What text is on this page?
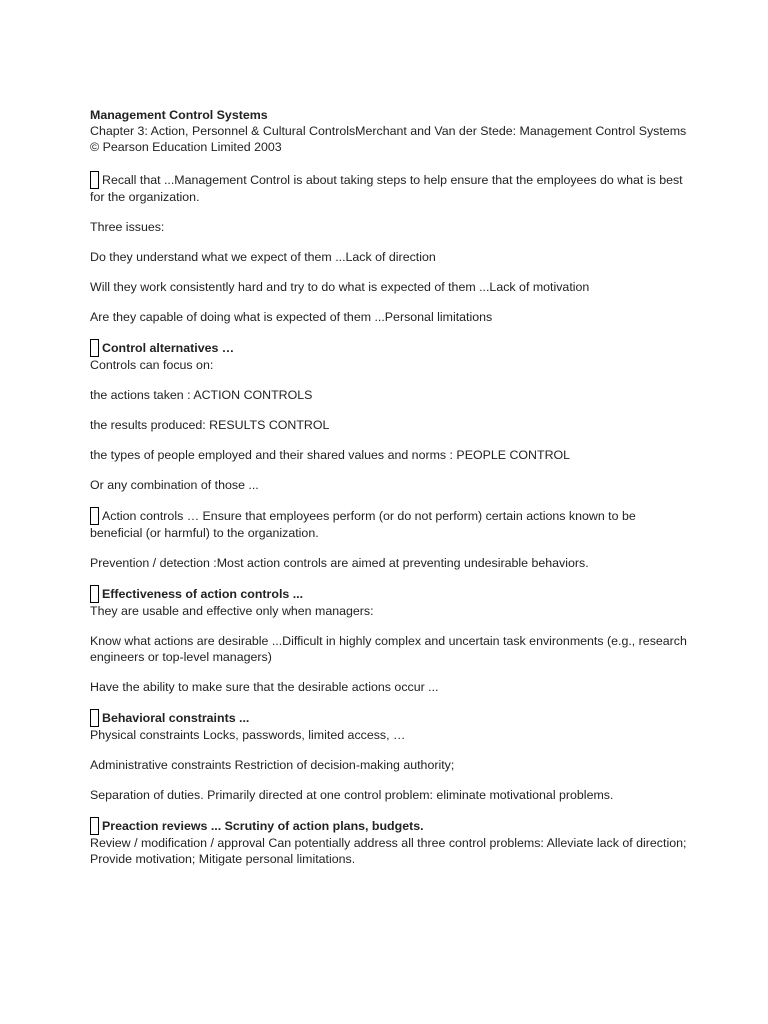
Management Control Systems
Chapter 3: Action, Personnel & Cultural ControlsMerchant and Van der Stede: Management Control Systems © Pearson Education Limited 2003

Recall that ...Management Control is about taking steps to help ensure that the employees do what is best for the organization.

Three issues:

Do they understand what we expect of them ...Lack of direction

Will they work consistently hard and try to do what is expected of them ...Lack of motivation

Are they capable of doing what is expected of them ...Personal limitations

Control alternatives …

Controls can focus on:

the actions taken : ACTION CONTROLS

the results produced: RESULTS CONTROL

the types of people employed and their shared values and norms : PEOPLE CONTROL

Or any combination of those ...

Action controls … Ensure that employees perform (or do not perform) certain actions known to be beneficial (or harmful) to the organization.

Prevention / detection :Most action controls are aimed at preventing undesirable behaviors.

Effectiveness of action controls ...

They are usable and effective only when managers:

Know what actions are desirable ...Difficult in highly complex and uncertain task environments (e.g., research engineers or top-level managers)

Have the ability to make sure that the desirable actions occur ...

Behavioral constraints ...

Physical constraints Locks, passwords, limited access, …

Administrative constraints Restriction of decision-making authority;

Separation of duties. Primarily directed at one control problem: eliminate motivational problems.

Preaction reviews ... Scrutiny of action plans, budgets.

Review / modification / approval Can potentially address all three control problems: Alleviate lack of direction; Provide motivation; Mitigate personal limitations.
